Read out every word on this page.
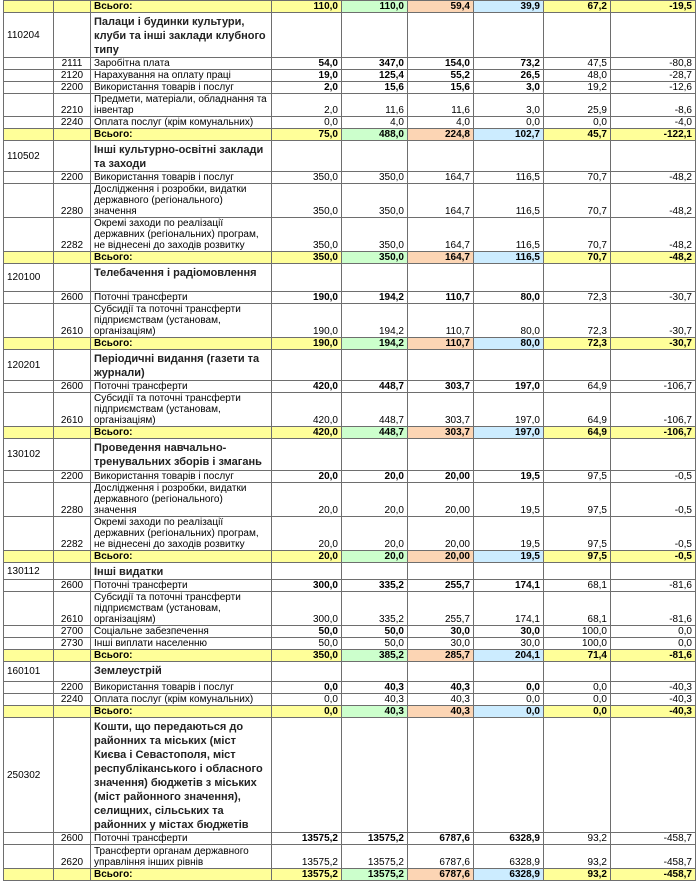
		Всього:	110,0	110,0	59,4	39,9	67,2	-19,5
110204		Палаци і будинки культури, клуби та інші заклади клубного типу						
	2111	Заробітна плата	54,0	347,0	154,0	73,2	47,5	-80,8
	2120	Нарахування на оплату праці	19,0	125,4	55,2	26,5	48,0	-28,7
	2200	Використання товарів і послуг	2,0	15,6	15,6	3,0	19,2	-12,6
	2210	Предмети, матеріали, обладнання та інвентар	2,0	11,6	11,6	3,0	25,9	-8,6
	2240	Оплата послуг (крім комунальних)	0,0	4,0	4,0	0,0	0,0	-4,0
		Всього:	75,0	488,0	224,8	102,7	45,7	-122,1
110502		Інші культурно-освітні заклади та заходи						
	2200	Використання товарів і послуг	350,0	350,0	164,7	116,5	70,7	-48,2
	2280	Дослідження і розробки, видатки державного (регіонального) значення	350,0	350,0	164,7	116,5	70,7	-48,2
	2282	Окремі заходи по реалізації державних (регіональних) програм, не віднесені до заходів розвитку	350,0	350,0	164,7	116,5	70,7	-48,2
		Всього:	350,0	350,0	164,7	116,5	70,7	-48,2
120100		Телебачення і радіомовлення						
	2600	Поточні трансферти	190,0	194,2	110,7	80,0	72,3	-30,7
	2610	Субсидії та поточні трансферти підприємствам (установам, організаціям)	190,0	194,2	110,7	80,0	72,3	-30,7
		Всього:	190,0	194,2	110,7	80,0	72,3	-30,7
120201		Періодичні видання (газети та журнали)						
	2600	Поточні трансферти	420,0	448,7	303,7	197,0	64,9	-106,7
	2610	Субсидії та поточні трансферти підприємствам (установам, організаціям)	420,0	448,7	303,7	197,0	64,9	-106,7
		Всього:	420,0	448,7	303,7	197,0	64,9	-106,7
130102		Проведення навчально-тренувальних зборів і змагань						
	2200	Використання товарів і послуг	20,0	20,0	20,00	19,5	97,5	-0,5
	2280	Дослідження і розробки, видатки державного (регіонального) значення	20,0	20,0	20,00	19,5	97,5	-0,5
	2282	Окремі заходи по реалізації державних (регіональних) програм, не віднесені до заходів розвитку	20,0	20,0	20,00	19,5	97,5	-0,5
		Всього:	20,0	20,0	20,00	19,5	97,5	-0,5
130112		Інші видатки						
	2600	Поточні трансферти	300,0	335,2	255,7	174,1	68,1	-81,6
	2610	Субсидії та поточні трансферти підприємствам (установам, організаціям)	300,0	335,2	255,7	174,1	68,1	-81,6
	2700	Соціальне забезпечення	50,0	50,0	30,0	30,0	100,0	0,0
	2730	Інші виплати населенню	50,0	50,0	30,0	30,0	100,0	0,0
		Всього:	350,0	385,2	285,7	204,1	71,4	-81,6
160101		Землеустрій						
	2200	Використання товарів і послуг	0,0	40,3	40,3	0,0	0,0	-40,3
	2240	Оплата послуг (крім комунальних)	0,0	40,3	40,3	0,0	0,0	-40,3
		Всього:	0,0	40,3	40,3	0,0	0,0	-40,3
250302		Кошти, що передаються до районних та міських (міст Києва і Севастополя, міст республіканського і обласного значення) бюджетів з міських (міст районного значення), селищних, сільських та районних у містах бюджетів						
	2600	Поточні трансферти	13575,2	13575,2	6787,6	6328,9	93,2	-458,7
	2620	Трансферти органам державного управління інших рівнів	13575,2	13575,2	6787,6	6328,9	93,2	-458,7
		Всього:	13575,2	13575,2	6787,6	6328,9	93,2	-458,7
